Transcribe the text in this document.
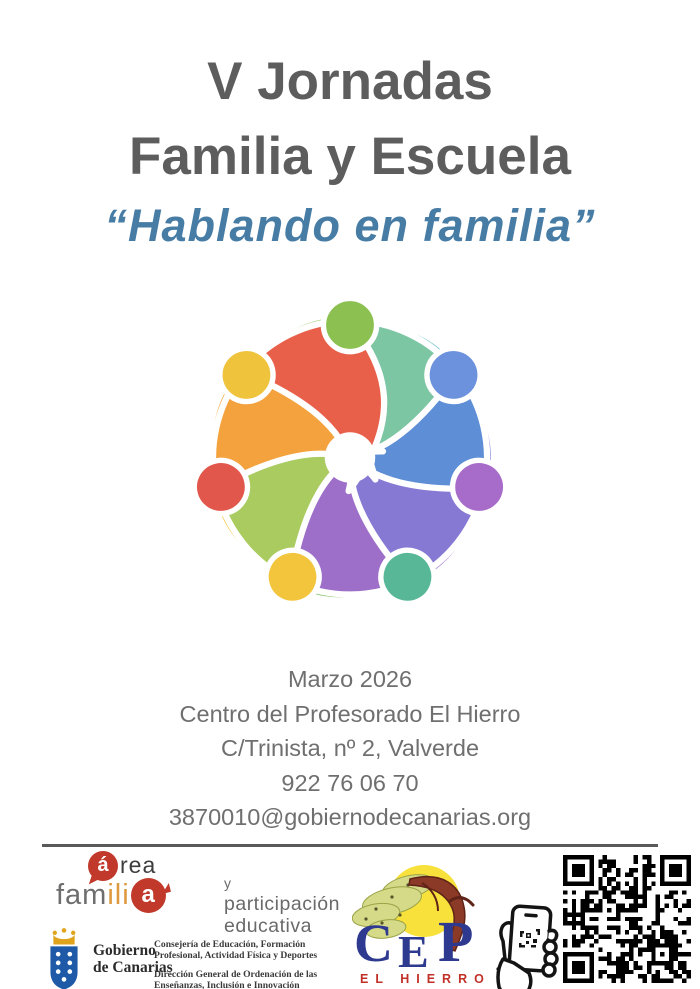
V Jornadas
Familia y Escuela
“Hablando en familia”
Marzo 2026
Centro del Profesorado El Hierro
C/Trinista, nº 2, Valverde
922 76 06 70
3870010@gobiernodecanarias.org
á rea
fam ili a	y participación
educativa
Gobierno
de Canarias

Consejería de Educación, Formación
Profesional, Actividad Física y Deportes

Dirección General de Ordenación de las
Enseñanzas, Inclusión e Innovación

C E P
EL HIERRO
